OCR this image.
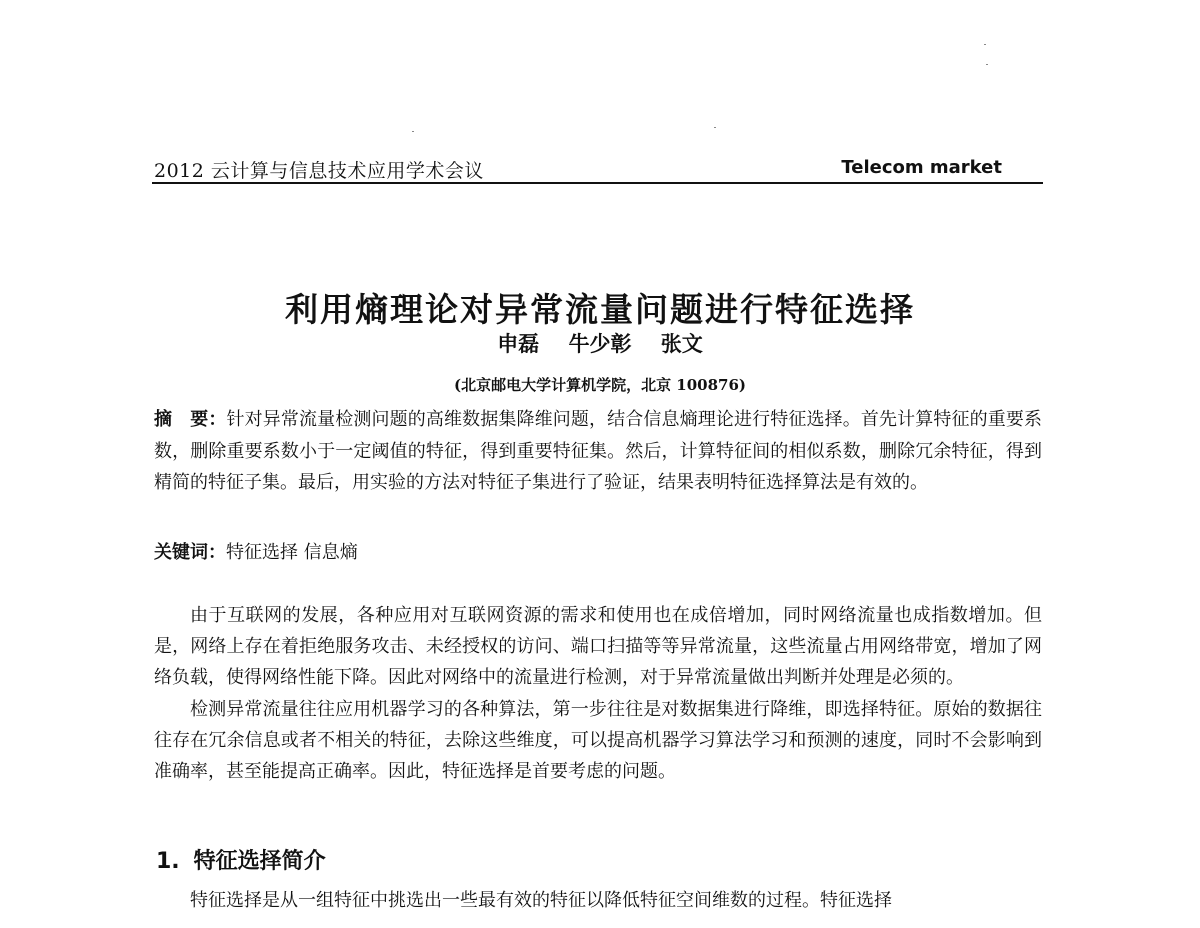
2012 云计算与信息技术应用学术会议	Telecom market
利用熵理论对异常流量问题进行特征选择
申磊 牛少彰 张文
(北京邮电大学计算机学院，北京 100876)
摘　要：针对异常流量检测问题的高维数据集降维问题，结合信息熵理论进行特征选择。首先计算特征的重要系数，删除重要系数小于一定阈值的特征，得到重要特征集。然后，计算特征间的相似系数，删除冗余特征，得到精简的特征子集。最后，用实验的方法对特征子集进行了验证，结果表明特征选择算法是有效的。
关键词：特征选择 信息熵

由于互联网的发展，各种应用对互联网资源的需求和使用也在成倍增加，同时网络流量也成指数增加。但是，网络上存在着拒绝服务攻击、未经授权的访问、端口扫描等等异常流量，这些流量占用网络带宽，增加了网络负载，使得网络性能下降。因此对网络中的流量进行检测，对于异常流量做出判断并处理是必须的。

检测异常流量往往应用机器学习的各种算法，第一步往往是对数据集进行降维，即选择特征。原始的数据往往存在冗余信息或者不相关的特征，去除这些维度，可以提高机器学习算法学习和预测的速度，同时不会影响到准确率，甚至能提高正确率。因此，特征选择是首要考虑的问题。

1. 特征选择简介

特征选择是从一组特征中挑选出一些最有效的特征以降低特征空间维数的过程。特征选择
